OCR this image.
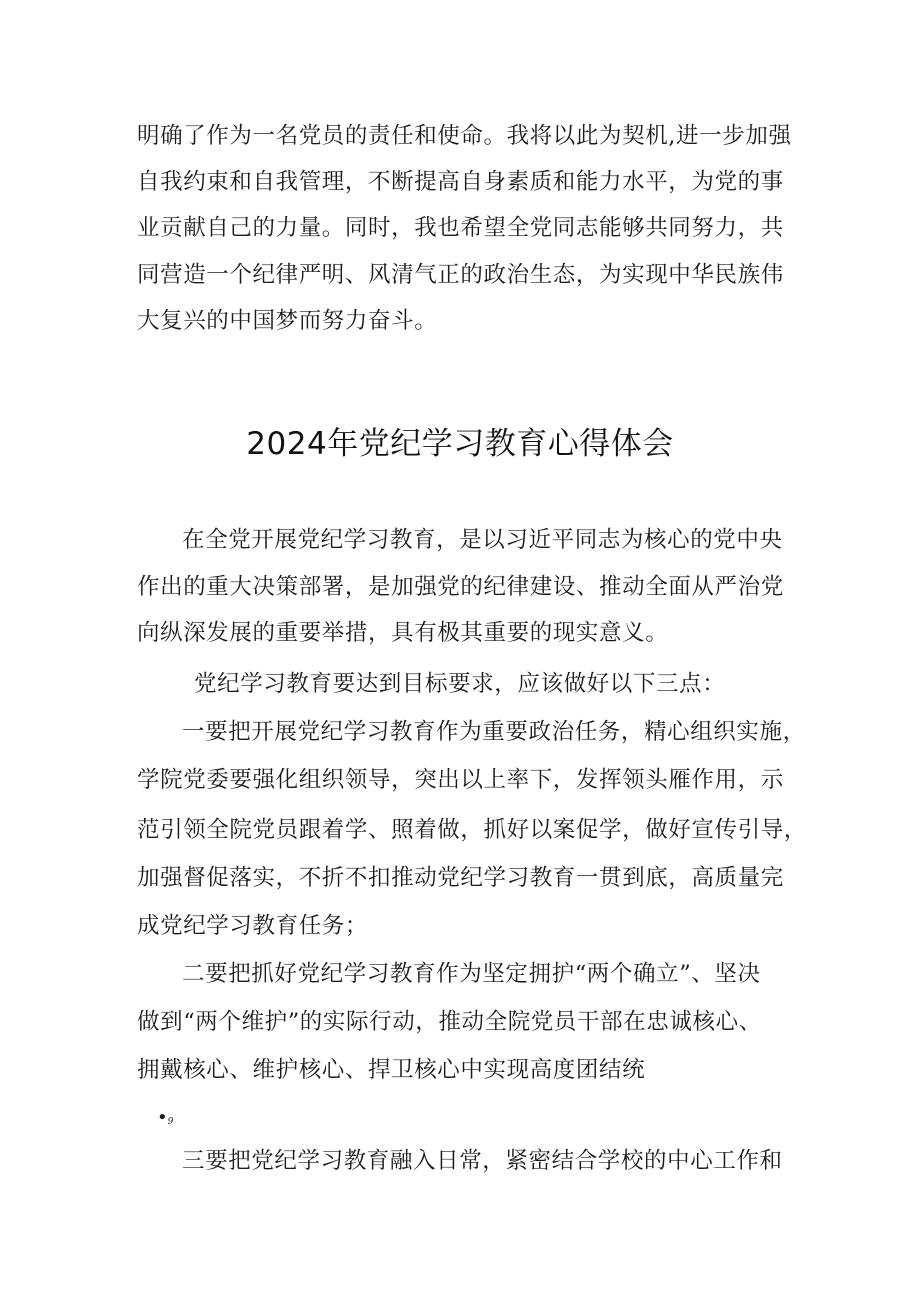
明确了作为一名党员的责任和使命。我将以此为契机,进一步加强

自我约束和自我管理，不断提高自身素质和能力水平，为党的事

业贡献自己的力量。同时，我也希望全党同志能够共同努力，共

同营造一个纪律严明、风清气正的政治生态，为实现中华民族伟

大复兴的中国梦而努力奋斗。

2024年党纪学习教育心得体会

在全党开展党纪学习教育，是以习近平同志为核心的党中央

作出的重大决策部署，是加强党的纪律建设、推动全面从严治党

向纵深发展的重要举措，具有极其重要的现实意义。

党纪学习教育要达到目标要求，应该做好以下三点：

一要把开展党纪学习教育作为重要政治任务，精心组织实施，

学院党委要强化组织领导，突出以上率下，发挥领头雁作用，示

范引领全院党员跟着学、照着做，抓好以案促学，做好宣传引导，

加强督促落实，不折不扣推动党纪学习教育一贯到底，高质量完

成党纪学习教育任务；

二要把抓好党纪学习教育作为坚定拥护“两个确立”、坚决

做到“两个维护”的实际行动，推动全院党员干部在忠诚核心、

拥戴核心、维护核心、捍卫核心中实现高度团结统

•9

三要把党纪学习教育融入日常，紧密结合学校的中心工作和
